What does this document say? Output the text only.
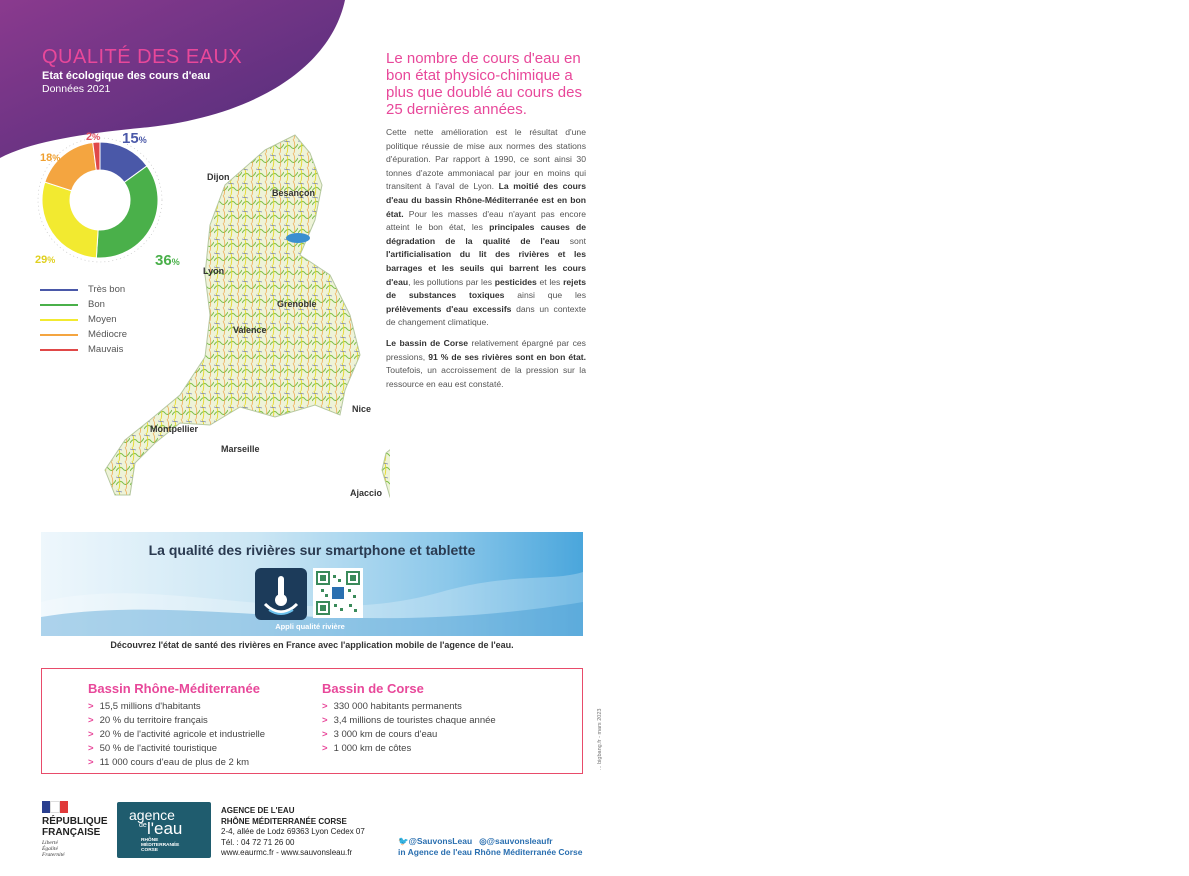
QUALITÉ DES EAUX
Etat écologique des cours d'eau
Données 2021
Dijon
Besançon
Lyon
Grenoble
Valence
Nice
Montpellier
Marseille
Ajaccio
2% 15%
18%
36%
29%
Très bon
Bon
Moyen
Médiocre
Mauvais
Le nombre de cours d'eau en bon état physico-chimique a plus que doublé au cours des 25 dernières années.

Cette nette amélioration est le résultat d'une politique réussie de mise aux normes des stations d'épuration. Par rapport à 1990, ce sont ainsi 30 tonnes d'azote ammoniacal par jour en moins qui transitent à l'aval de Lyon. La moitié des cours d'eau du bassin Rhône-Méditerranée est en bon état. Pour les masses d'eau n'ayant pas encore atteint le bon état, les principales causes de dégradation de la qualité de l'eau sont l'artificialisation du lit des rivières et les barrages et les seuils qui barrent les cours d'eau, les pollutions par les pesticides et les rejets de substances toxiques ainsi que les prélèvements d'eau excessifs dans un contexte de changement climatique.

Le bassin de Corse relativement épargné par ces pressions, 91 % de ses rivières sont en bon état. Toutefois, un accroissement de la pression sur la ressource en eau est constaté.

La qualité des rivières sur smartphone et tablette
Appli qualité rivière
Découvrez l'état de santé des rivières en France avec l'application mobile de l'agence de l'eau.
Bassin Rhône-Méditerranée
> 15,5 millions d'habitants
> 20 % du territoire français
> 20 % de l'activité agricole et industrielle
> 50 % de l'activité touristique
> 11 000 cours d'eau de plus de 2 km
Bassin de Corse
> 330 000 habitants permanents
> 3,4 millions de touristes chaque année
> 3 000 km de cours d'eau
> 1 000 km de côtes	... bigbang.fr - mars 2023
RÉPUBLIQUE
FRANÇAISE
Liberté
Égalité
Fraternité
agence
de l'eau
RHÔNE
MÉDITERRANÉE
CORSE
AGENCE DE L'EAU
RHÔNE MÉDITERRANÉE CORSE
2-4, allée de Lodz 69363 Lyon Cedex 07
Tél. : 04 72 71 26 00
www.eaurmc.fr - www.sauvonsleau.fr
🐦@SauvonsLeau ◎@sauvonsleaufr
in Agence de l'eau Rhône Méditerranée Corse
